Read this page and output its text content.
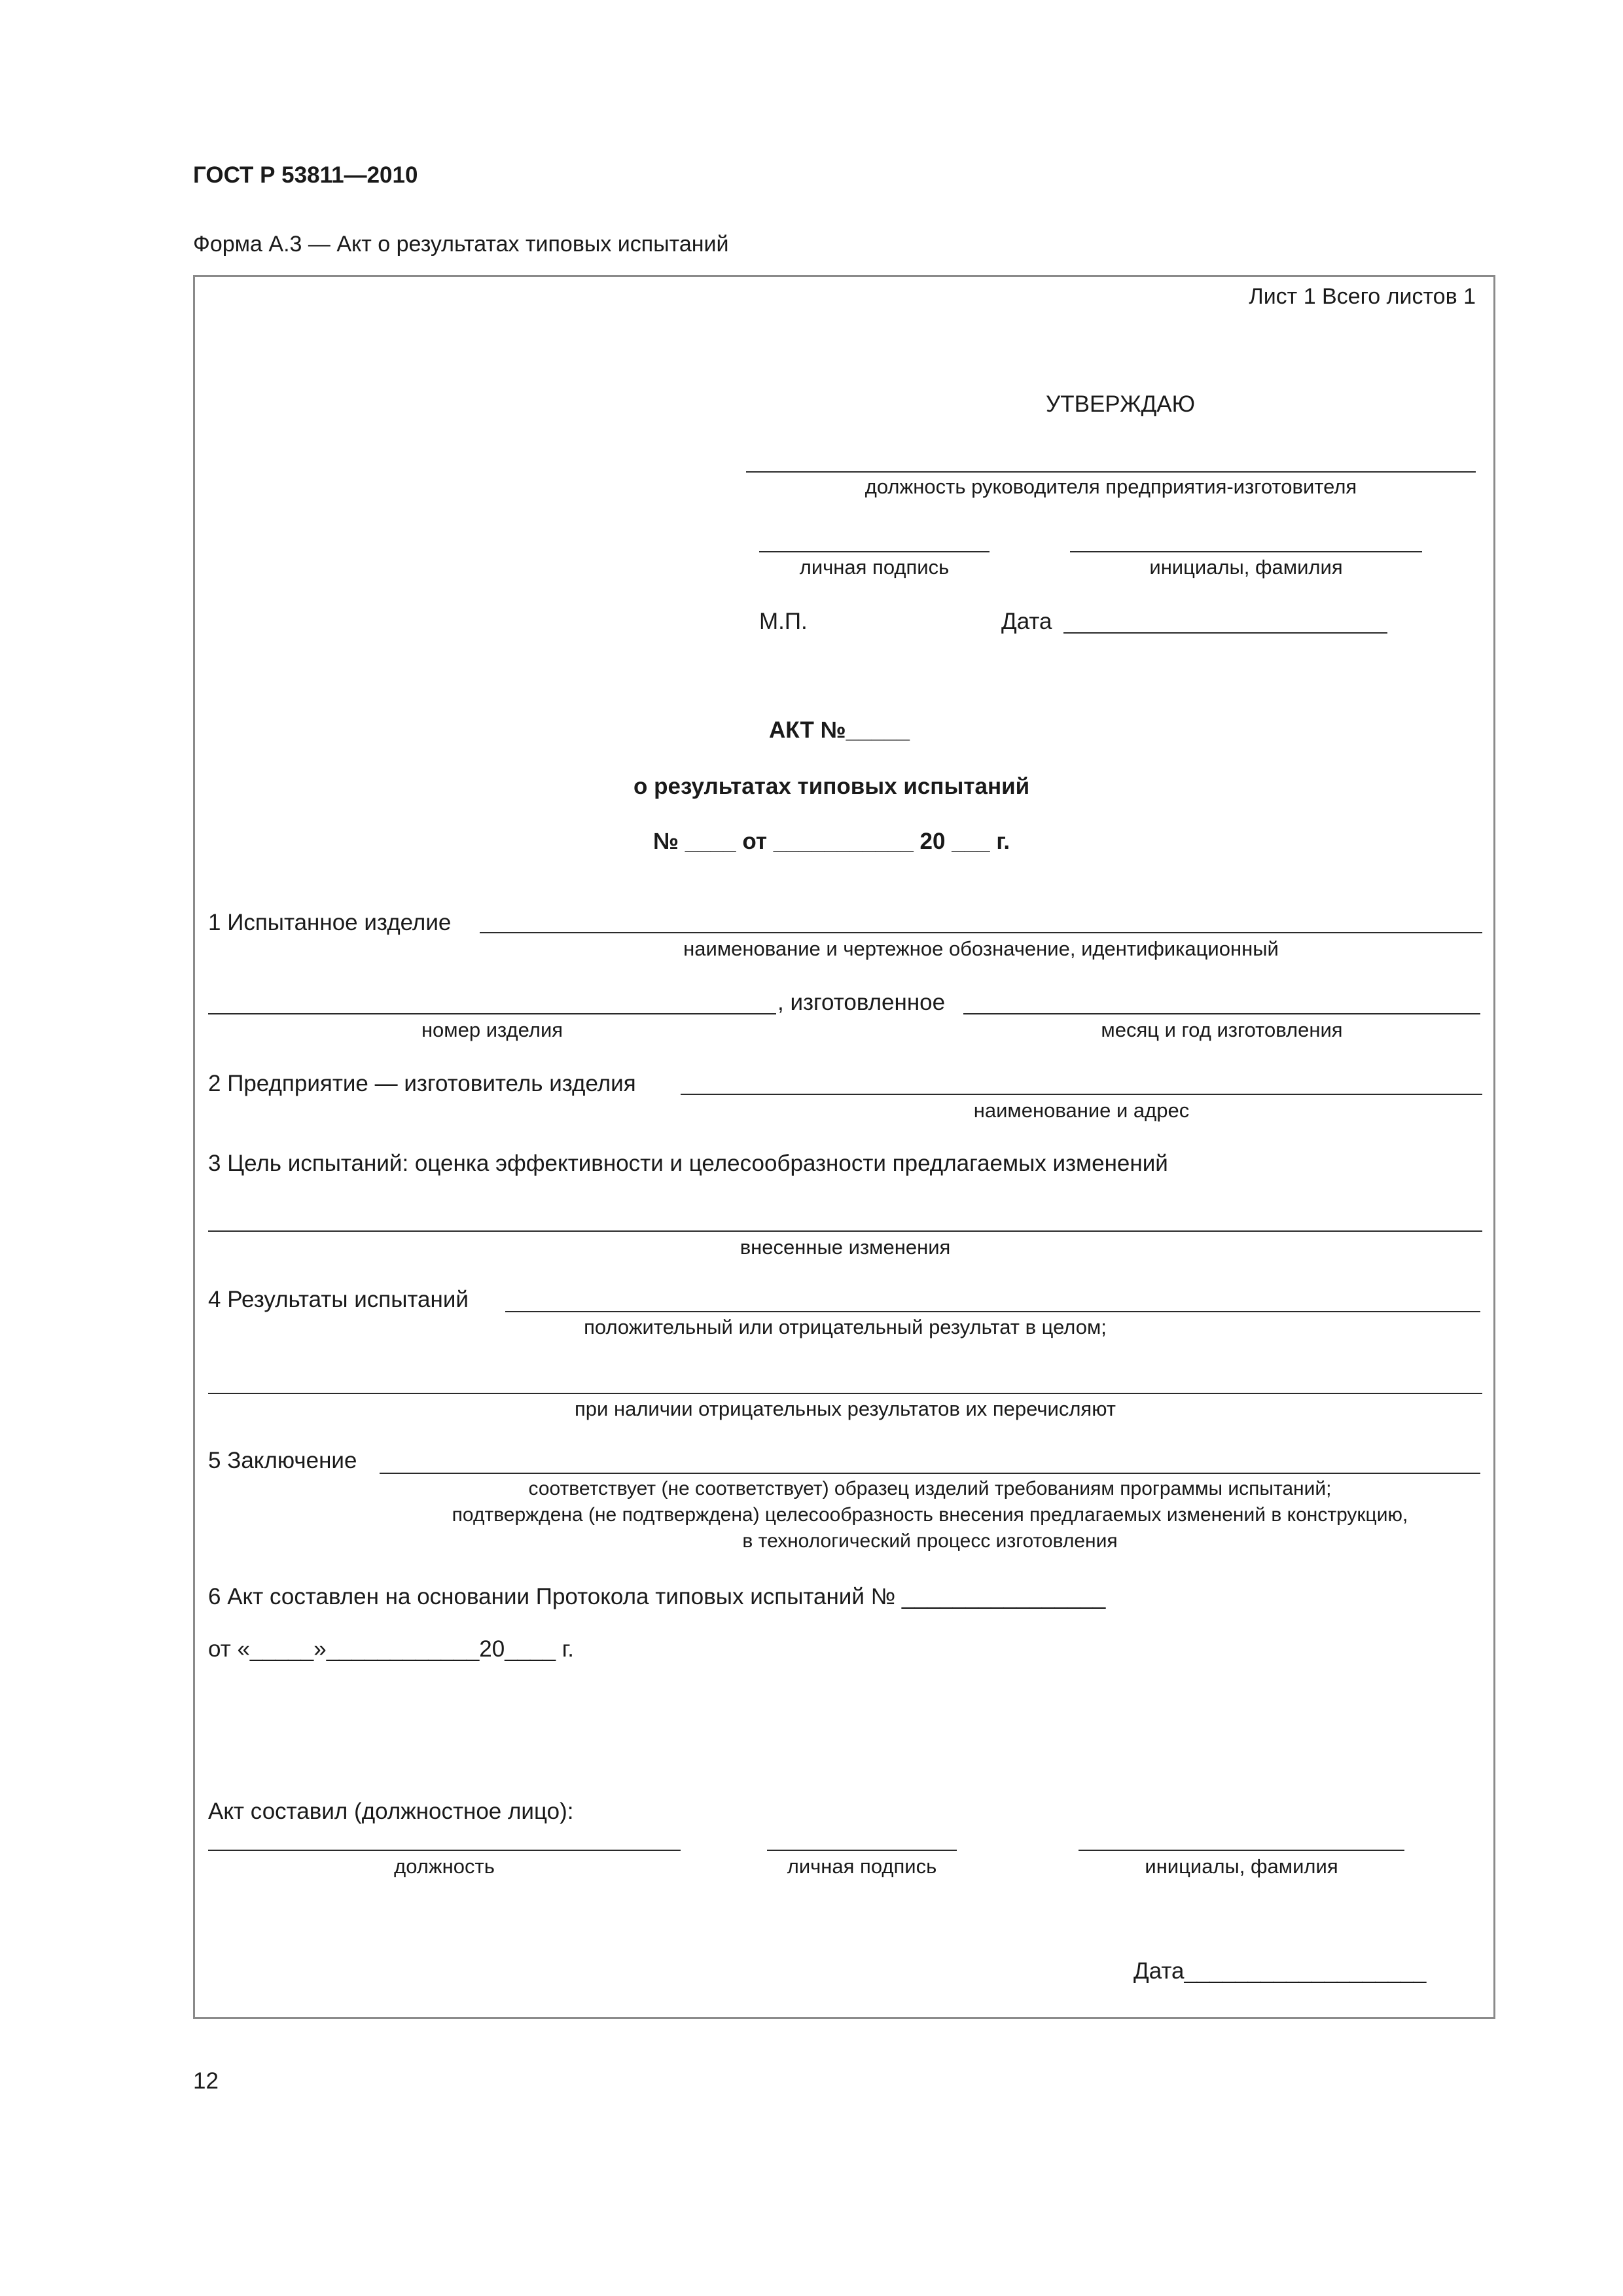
ГОСТ Р 53811—2010
Форма А.3 — Акт о результатах типовых испытаний
Лист 1 Всего листов 1
УТВЕРЖДАЮ
должность руководителя предприятия-изготовителя
личная подпись	инициалы, фамилия
М.П.	Дата
АКТ №_____
о результатах типовых испытаний
№ ____ от ___________ 20 ___ г.
1 Испытанное изделие
наименование и чертежное обозначение, идентификационный
, изготовленное
номер изделия	месяц и год изготовления
2 Предприятие — изготовитель изделия
наименование и адрес
3 Цель испытаний: оценка эффективности и целесообразности предлагаемых изменений
внесенные изменения
4 Результаты испытаний
положительный или отрицательный результат в целом;
при наличии отрицательных результатов их перечисляют
5 Заключение
соответствует (не соответствует) образец изделий требованиям программы испытаний;
подтверждена (не подтверждена) целесообразность внесения предлагаемых изменений в конструкцию,
в технологический процесс изготовления
6 Акт составлен на основании Протокола типовых испытаний № ________________
от «_____»____________20____ г.
Акт составил (должностное лицо):
должность	личная подпись	инициалы, фамилия
Дата___________________
12
